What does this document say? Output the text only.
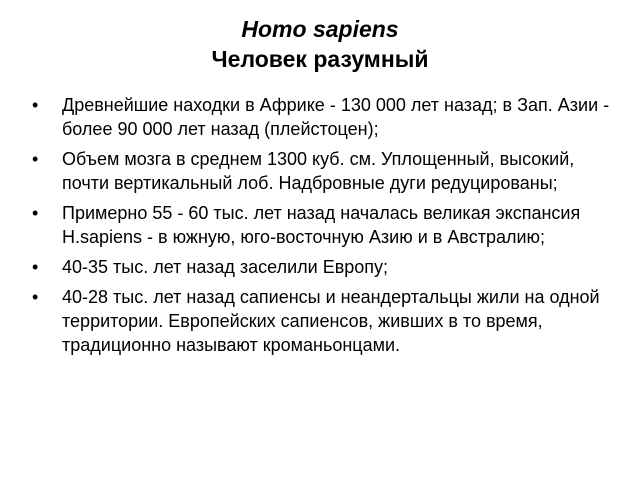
Homo sapiens
Человек разумный
• Древнейшие находки в Африке - 130 000 лет назад; в Зап. Азии - более 90 000 лет назад (плейстоцен);
• Объем мозга в среднем 1300 куб. см. Уплощенный, высокий, почти вертикальный лоб. Надбровные дуги редуцированы;
• Примерно 55 - 60 тыс. лет назад началась великая экспансия H.sapiens - в южную, юго-восточную Азию и в Австралию;
• 40-35 тыс. лет назад заселили Европу;
• 40-28 тыс. лет назад сапиенсы и неандертальцы жили на одной территории. Европейских сапиенсов, живших в то время, традиционно называют кроманьонцами.
